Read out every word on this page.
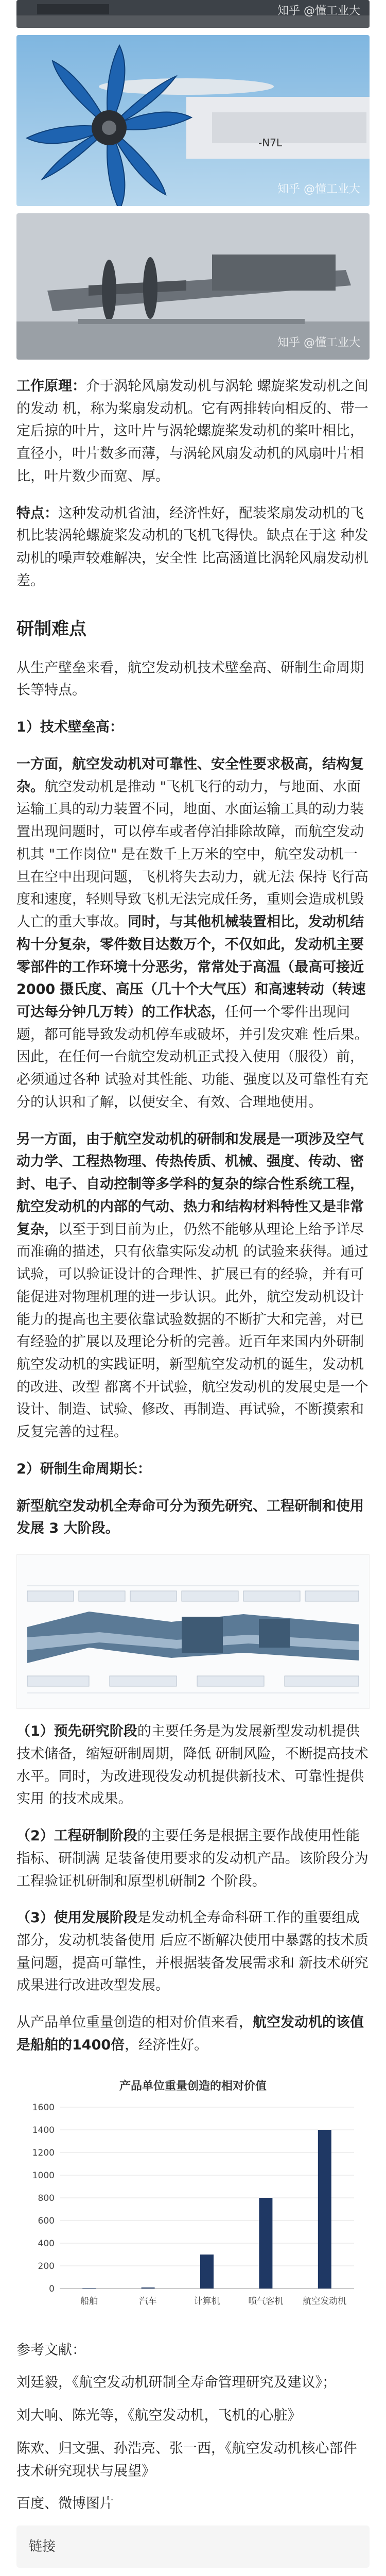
知乎 @懂工业大
-N7L
知乎 @懂工业大
知乎 @懂工业大

工作原理：介于涡轮风扇发动机与涡轮 螺旋桨发动机之间的发动 机，称为桨扇发动机。它有两排转向相反的、带一定后掠的叶片，这叶片与涡轮螺旋桨发动机的桨叶相比，直径小，叶片数多而薄，与涡轮风扇发动机的风扇叶片相 比，叶片数少而宽、厚。

特点：这种发动机省油，经济性好，配装桨扇发动机的飞机比装涡轮螺旋桨发动机的飞机飞得快。缺点在于这 种发动机的噪声较难解决，安全性 比高涵道比涡轮风扇发动机差。

研制难点

从生产壁垒来看，航空发动机技术壁垒高、研制生命周期长等特点。

1）技术壁垒高：

一方面，航空发动机对可靠性、安全性要求极高，结构复杂。航空发动机是推动 "飞机飞行的动力，与地面、水面运输工具的动力装置不同，地面、水面运输工具的动力装置出现问题时，可以停车或者停泊排除故障，而航空发动机其 "工作岗位" 是在数千上万米的空中，航空发动机一旦在空中出现问题，飞机将失去动力，就无法 保持飞行高度和速度，轻则导致飞机无法完成任务，重则会造成机毁人亡的重大事故。同时，与其他机械装置相比，发动机结构十分复杂，零件数目达数万个，不仅如此，发动机主要零部件的工作环境十分恶劣，常常处于高温（最高可接近 2000 摄氏度、高压（几十个大气压）和高速转动（转速可达每分钟几万转）的工作状态，任何一个零件出现问题，都可能导致发动机停车或破坏，并引发灾难 性后果。因此，在任何一台航空发动机正式投入使用（服役）前，必须通过各种 试验对其性能、功能、强度以及可靠性有充分的认识和了解，以便安全、有效、合理地使用。

另一方面，由于航空发动机的研制和发展是一项涉及空气动力学、工程热物理、传热传质、机械、强度、传动、密封、电子、自动控制等多学科的复杂的综合性系统工程，航空发动机的内部的气动、热力和结构材料特性又是非常复杂，以至于到目前为止，仍然不能够从理论上给予详尽而准确的描述，只有依靠实际发动机 的试验来获得。通过试验，可以验证设计的合理性、扩展已有的经验，并有可能促进对物理机理的进一步认识。此外，航空发动机设计能力的提高也主要依靠试验数据的不断扩大和完善，对已有经验的扩展以及理论分析的完善。近百年来国内外研制航空发动机的实践证明，新型航空发动机的诞生，发动机的改进、改型 都离不开试验，航空发动机的发展史是一个设计、制造、试验、修改、再制造、再试验，不断摸索和反复完善的过程。

2）研制生命周期长：

新型航空发动机全寿命可分为预先研究、工程研制和使用发展 3 大阶段。

（1）预先研究阶段的主要任务是为发展新型发动机提供技术储备，缩短研制周期，降低 研制风险，不断提高技术水平。同时，为改进现役发动机提供新技术、可靠性提供实用 的技术成果。

（2）工程研制阶段的主要任务是根据主要作战使用性能指标、研制满 足装备使用要求的发动机产品。该阶段分为工程验证机研制和原型机研制2 个阶段。

（3）使用发展阶段是发动机全寿命科研工作的重要组成部分，发动机装备使用 后应不断解决使用中暴露的技术质量问题，提高可靠性，并根据装备发展需求和 新技术研究成果进行改进改型发展。

从产品单位重量创造的相对价值来看，航空发动机的该值是船舶的1400倍，经济性好。

产品单位重量创造的相对价值
0
200
400
600
800
1000
1200
1400
1600
船舶	汽车	计算机	喷气客机 航空发动机

参考文献：

刘廷毅，《航空发动机研制全寿命管理研究及建议》；

刘大响、陈光等，《航空发动机，飞机的心脏》

陈欢、归文强、孙浩亮、张一西，《航空发动机核心部件技术研究现状与展望》

百度、微博图片

链接
